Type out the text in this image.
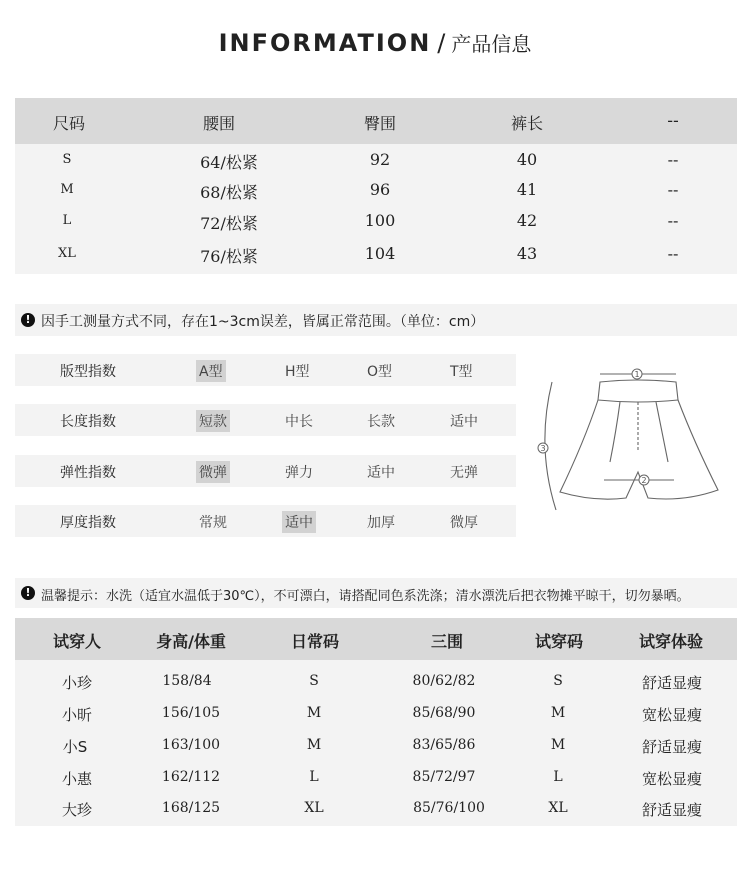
INFORMATION / 产品信息
尺码	腰围	臀围	裤长	--
S	64/松紧	92	40	--
M	68/松紧	96	41	--
L	72/松紧	100	42	--
XL	76/松紧	104	43	--
! 因手工测量方式不同，存在1~3cm误差，皆属正常范围。（单位：cm）
版型指数	A型	H型	O型	T型
长度指数	短款	中长	长款	适中
弹性指数	微弹	弹力	适中	无弹
厚度指数	常规	适中	加厚	微厚
1
2
3
! 温馨提示：水洗（适宜水温低于30℃），不可漂白，请搭配同色系洗涤；清水漂洗后把衣物摊平晾干，切勿暴晒。
试穿人	身高/体重	日常码	三围	试穿码	试穿体验
小珍	158/84	S	80/62/82	S	舒适显瘦
小昕	156/105	M	85/68/90	M	宽松显瘦
小S	163/100	M	83/65/86	M	舒适显瘦
小惠	162/112	L	85/72/97	L	宽松显瘦
大珍	168/125	XL	85/76/100	XL	舒适显瘦
